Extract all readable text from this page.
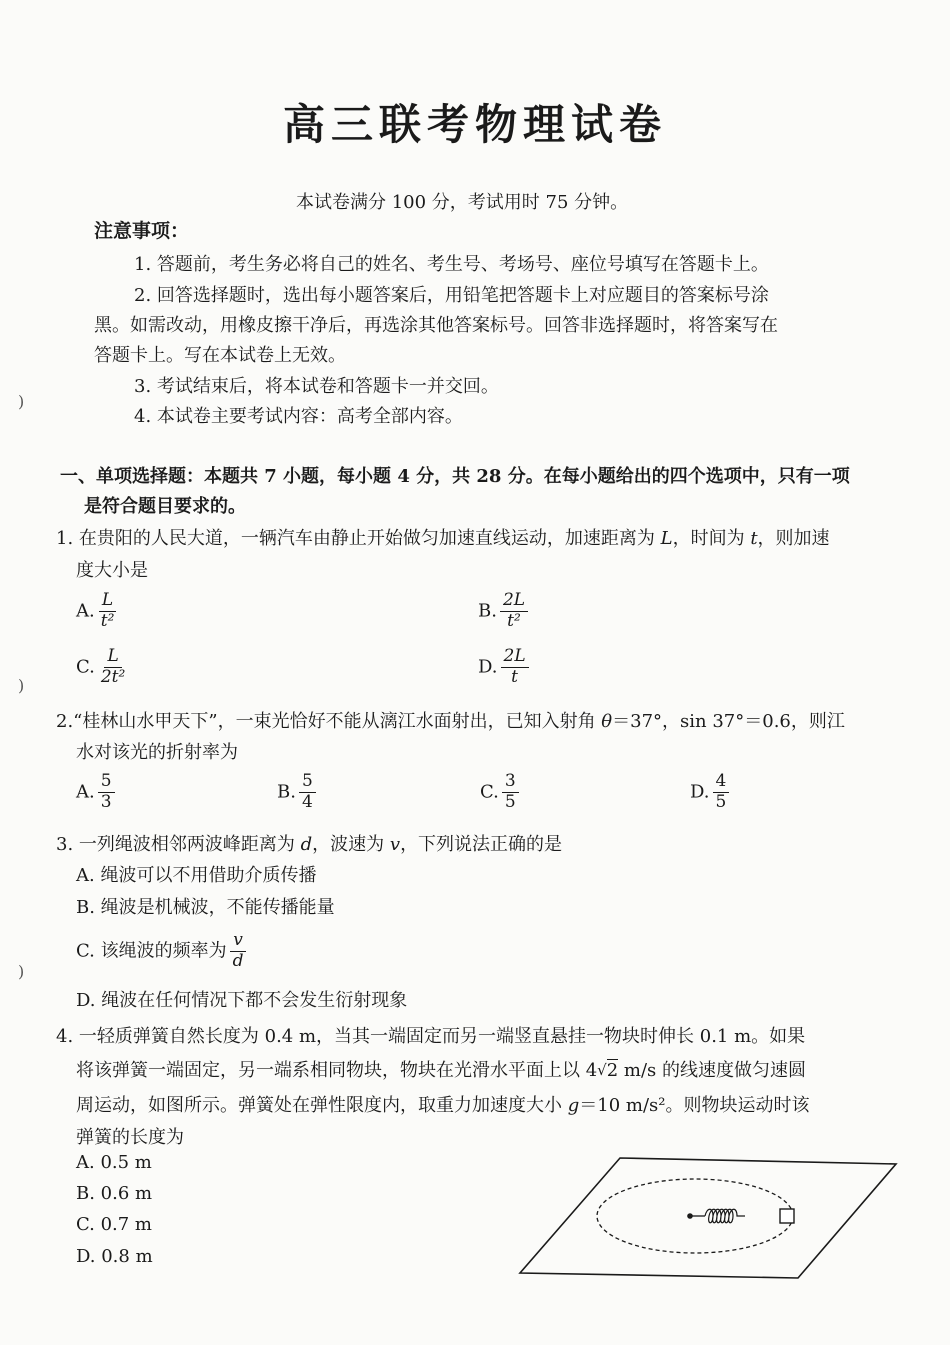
高三联考物理试卷
本试卷满分 100 分，考试用时 75 分钟。
注意事项：
1. 答题前，考生务必将自己的姓名、考生号、考场号、座位号填写在答题卡上。
2. 回答选择题时，选出每小题答案后，用铅笔把答题卡上对应题目的答案标号涂
黑。如需改动，用橡皮擦干净后，再选涂其他答案标号。回答非选择题时，将答案写在
答题卡上。写在本试卷上无效。
3. 考试结束后，将本试卷和答题卡一并交回。
4. 本试卷主要考试内容：高考全部内容。
)
)
)
一、单项选择题：本题共 7 小题，每小题 4 分，共 28 分。在每小题给出的四个选项中，只有一项
是符合题目要求的。
1. 在贵阳的人民大道，一辆汽车由静止开始做匀加速直线运动，加速距离为 L，时间为 t，则加速
度大小是
A. $\frac{L}{\text{t²}}$	B. $\frac{2L}{\text{t²}}$
C. $\frac{L}{\text{2t²}}$	D. $\frac{2L}{t}$
2.“桂林山水甲天下”，一束光恰好不能从漓江水面射出，已知入射角 θ＝37°，sin 37°＝0.6，则江
水对该光的折射率为
A. $\frac{5}{3}$	B. $\frac{5}{4}$	C. $\frac{3}{5}$	D. $\frac{4}{5}$
3. 一列绳波相邻两波峰距离为 d，波速为 v，下列说法正确的是
A. 绳波可以不用借助介质传播
B. 绳波是机械波，不能传播能量
C. 该绳波的频率为 $\frac{v}{d}$
D. 绳波在任何情况下都不会发生衍射现象
4. 一轻质弹簧自然长度为 0.4 m，当其一端固定而另一端竖直悬挂一物块时伸长 0.1 m。如果
将该弹簧一端固定，另一端系相同物块，物块在光滑水平面上以 4√2 m/s 的线速度做匀速圆
周运动，如图所示。弹簧处在弹性限度内，取重力加速度大小 g＝10 m/s²。则物块运动时该
弹簧的长度为
A. 0.5 m
B. 0.6 m
C. 0.7 m
D. 0.8 m
